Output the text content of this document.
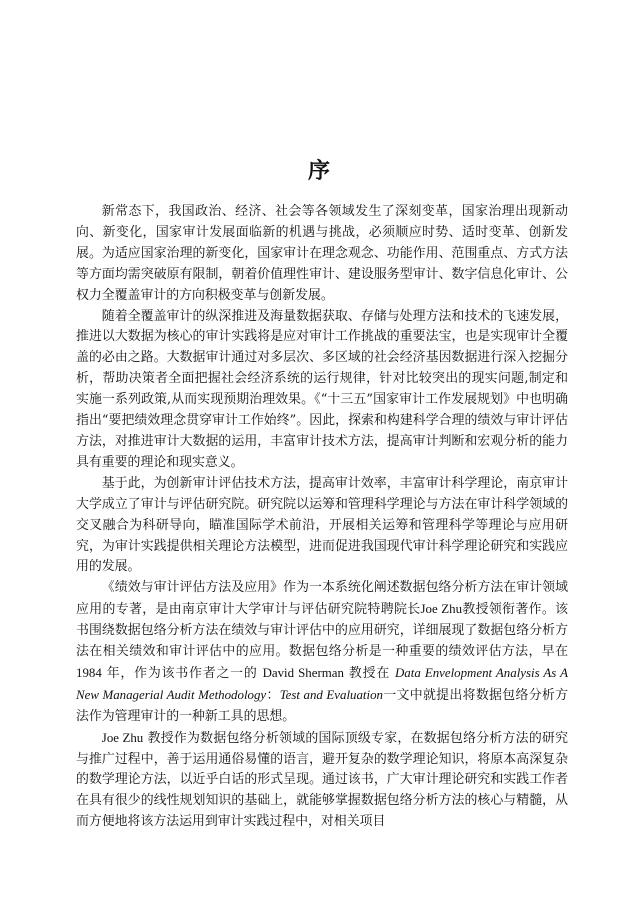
序

新常态下，我国政治、经济、社会等各领域发生了深刻变革，国家治理出现新动向、新变化，国家审计发展面临新的机遇与挑战，必须顺应时势、适时变革、创新发展。为适应国家治理的新变化，国家审计在理念观念、功能作用、范围重点、方式方法等方面均需突破原有限制，朝着价值理性审计、建设服务型审计、数字信息化审计、公权力全覆盖审计的方向积极变革与创新发展。

随着全覆盖审计的纵深推进及海量数据获取、存储与处理方法和技术的飞速发展，推进以大数据为核心的审计实践将是应对审计工作挑战的重要法宝，也是实现审计全覆盖的必由之路。大数据审计通过对多层次、多区域的社会经济基因数据进行深入挖掘分析，帮助决策者全面把握社会经济系统的运行规律，针对比较突出的现实问题,制定和实施一系列政策,从而实现预期治理效果。《“十三五”国家审计工作发展规划》中也明确指出“要把绩效理念贯穿审计工作始终”。因此，探索和构建科学合理的绩效与审计评估方法，对推进审计大数据的运用，丰富审计技术方法，提高审计判断和宏观分析的能力具有重要的理论和现实意义。

基于此，为创新审计评估技术方法，提高审计效率，丰富审计科学理论，南京审计大学成立了审计与评估研究院。研究院以运筹和管理科学理论与方法在审计科学领域的交叉融合为科研导向，瞄准国际学术前沿，开展相关运筹和管理科学等理论与应用研究，为审计实践提供相关理论方法模型，进而促进我国现代审计科学理论研究和实践应用的发展。

《绩效与审计评估方法及应用》作为一本系统化阐述数据包络分析方法在审计领域应用的专著，是由南京审计大学审计与评估研究院特聘院长Joe Zhu教授领衔著作。该书围绕数据包络分析方法在绩效与审计评估中的应用研究，详细展现了数据包络分析方法在相关绩效和审计评估中的应用。数据包络分析是一种重要的绩效评估方法，早在 1984 年，作为该书作者之一的 David Sherman 教授在 Data Envelopment Analysis As A New Managerial Audit Methodology：Test and Evaluation一文中就提出将数据包络分析方法作为管理审计的一种新工具的思想。

Joe Zhu 教授作为数据包络分析领域的国际顶级专家，在数据包络分析方法的研究与推广过程中，善于运用通俗易懂的语言，避开复杂的数学理论知识，将原本高深复杂的数学理论方法，以近乎白话的形式呈现。通过该书，广大审计理论研究和实践工作者在具有很少的线性规划知识的基础上，就能够掌握数据包络分析方法的核心与精髓，从而方便地将该方法运用到审计实践过程中，对相关项目
